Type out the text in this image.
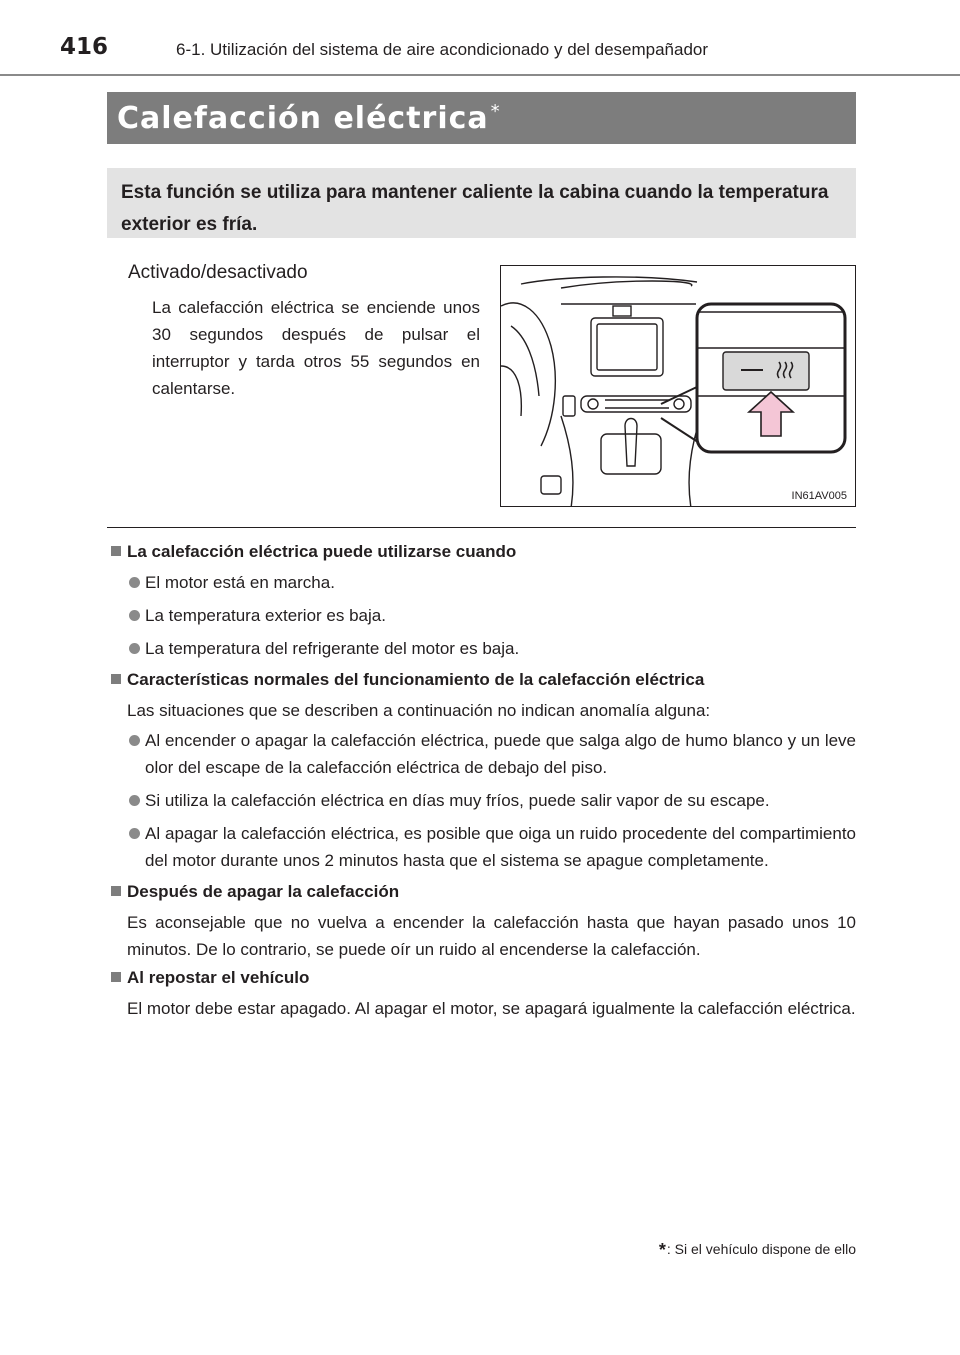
416	6-1. Utilización del sistema de aire acondicionado y del desempañador
Calefacción eléctrica *
Esta función se utiliza para mantener caliente la cabina cuando la temperatura exterior es fría.
Activado/desactivado
La calefacción eléctrica se enciende unos 30 segundos después de pulsar el interruptor y tarda otros 55 segundos en calentarse.
IN61AV005
La calefacción eléctrica puede utilizarse cuando
El motor está en marcha.
La temperatura exterior es baja.
La temperatura del refrigerante del motor es baja.
Características normales del funcionamiento de la calefacción eléctrica
Las situaciones que se describen a continuación no indican anomalía alguna:
Al encender o apagar la calefacción eléctrica, puede que salga algo de humo blanco y un leve olor del escape de la calefacción eléctrica de debajo del piso.
Si utiliza la calefacción eléctrica en días muy fríos, puede salir vapor de su escape.
Al apagar la calefacción eléctrica, es posible que oiga un ruido procedente del compartimiento del motor durante unos 2 minutos hasta que el sistema se apague completamente.
Después de apagar la calefacción
Es aconsejable que no vuelva a encender la calefacción hasta que hayan pasado unos 10 minutos. De lo contrario, se puede oír un ruido al encenderse la calefacción.
Al repostar el vehículo
El motor debe estar apagado. Al apagar el motor, se apagará igualmente la calefacción eléctrica.
*: Si el vehículo dispone de ello
